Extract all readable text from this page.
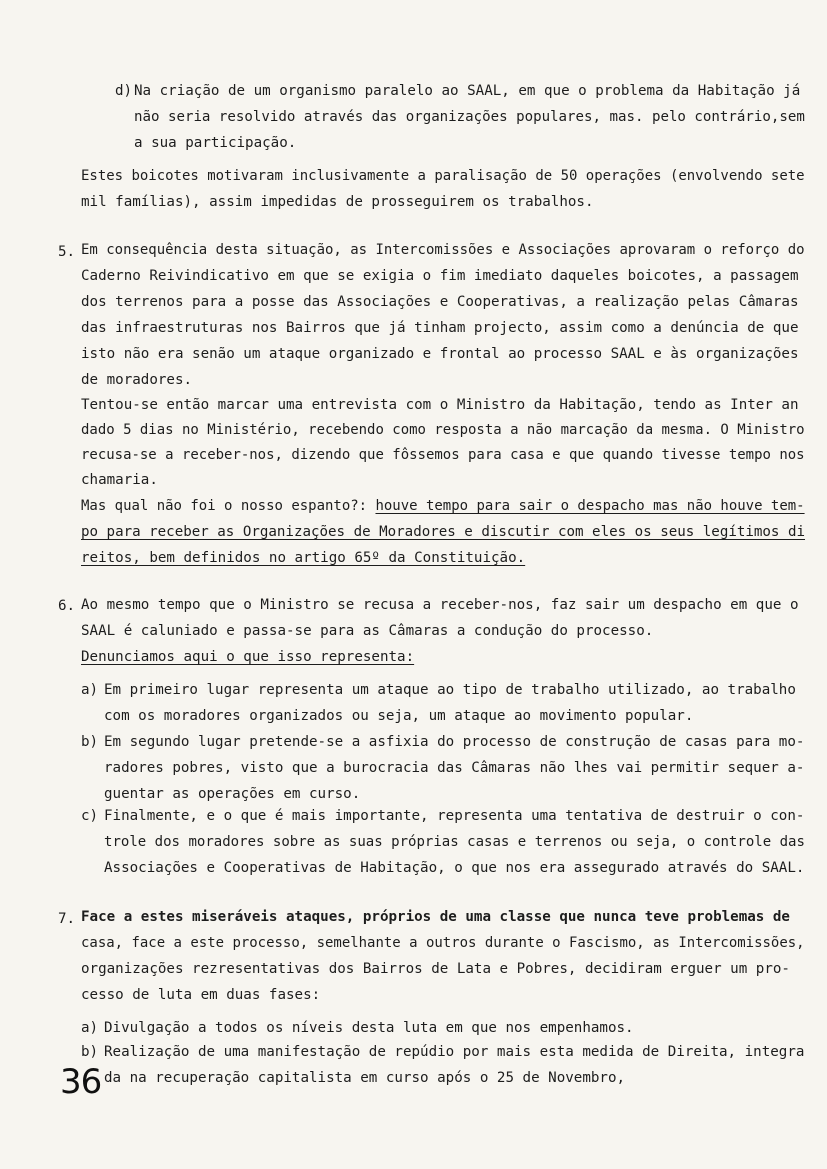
d) Na criação de um organismo paralelo ao SAAL, em que o problema da Habitação já
não seria resolvido através das organizações populares, mas. pelo contrário,sem
a sua participação.
Estes boicotes motivaram inclusivamente a paralisação de 50 operações (envolvendo sete
mil famílias), assim impedidas de prosseguirem os trabalhos.
5. Em consequência desta situação, as Intercomissões e Associações aprovaram o reforço do
Caderno Reivindicativo em que se exigia o fim imediato daqueles boicotes, a passagem
dos terrenos para a posse das Associações e Cooperativas, a realização pelas Câmaras
das infraestruturas nos Bairros que já tinham projecto, assim como a denúncia de que
isto não era senão um ataque organizado e frontal ao processo SAAL e às organizações
de moradores.
Tentou-se então marcar uma entrevista com o Ministro da Habitação, tendo as Inter an
dado 5 dias no Ministério, recebendo como resposta a não marcação da mesma. O Ministro
recusa-se a receber-nos, dizendo que fôssemos para casa e que quando tivesse tempo nos
chamaria.
Mas qual não foi o nosso espanto?: houve tempo para sair o despacho mas não houve tem-
po para receber as Organizações de Moradores e discutir com eles os seus legítimos di
reitos, bem definidos no artigo 65º da Constituição.
6. Ao mesmo tempo que o Ministro se recusa a receber-nos, faz sair um despacho em que o
SAAL é caluniado e passa-se para as Câmaras a condução do processo.
Denunciamos aqui o que isso representa:
a) Em primeiro lugar representa um ataque ao tipo de trabalho utilizado, ao trabalho
com os moradores organizados ou seja, um ataque ao movimento popular.
b) Em segundo lugar pretende-se a asfixia do processo de construção de casas para mo-
radores pobres, visto que a burocracia das Câmaras não lhes vai permitir sequer a-
guentar as operações em curso.
c) Finalmente, e o que é mais importante, representa uma tentativa de destruir o con-
trole dos moradores sobre as suas próprias casas e terrenos ou seja, o controle das
Associações e Cooperativas de Habitação, o que nos era assegurado através do SAAL.
7. Face a estes miseráveis ataques, próprios de uma classe que nunca teve problemas de
casa, face a este processo, semelhante a outros durante o Fascismo, as Intercomissões,
organizações rezresentativas dos Bairros de Lata e Pobres, decidiram erguer um pro-
cesso de luta em duas fases:
a) Divulgação a todos os níveis desta luta em que nos empenhamos.
b) Realização de uma manifestação de repúdio por mais esta medida de Direita, integra
da na recuperação capitalista em curso após o 25 de Novembro,
36
